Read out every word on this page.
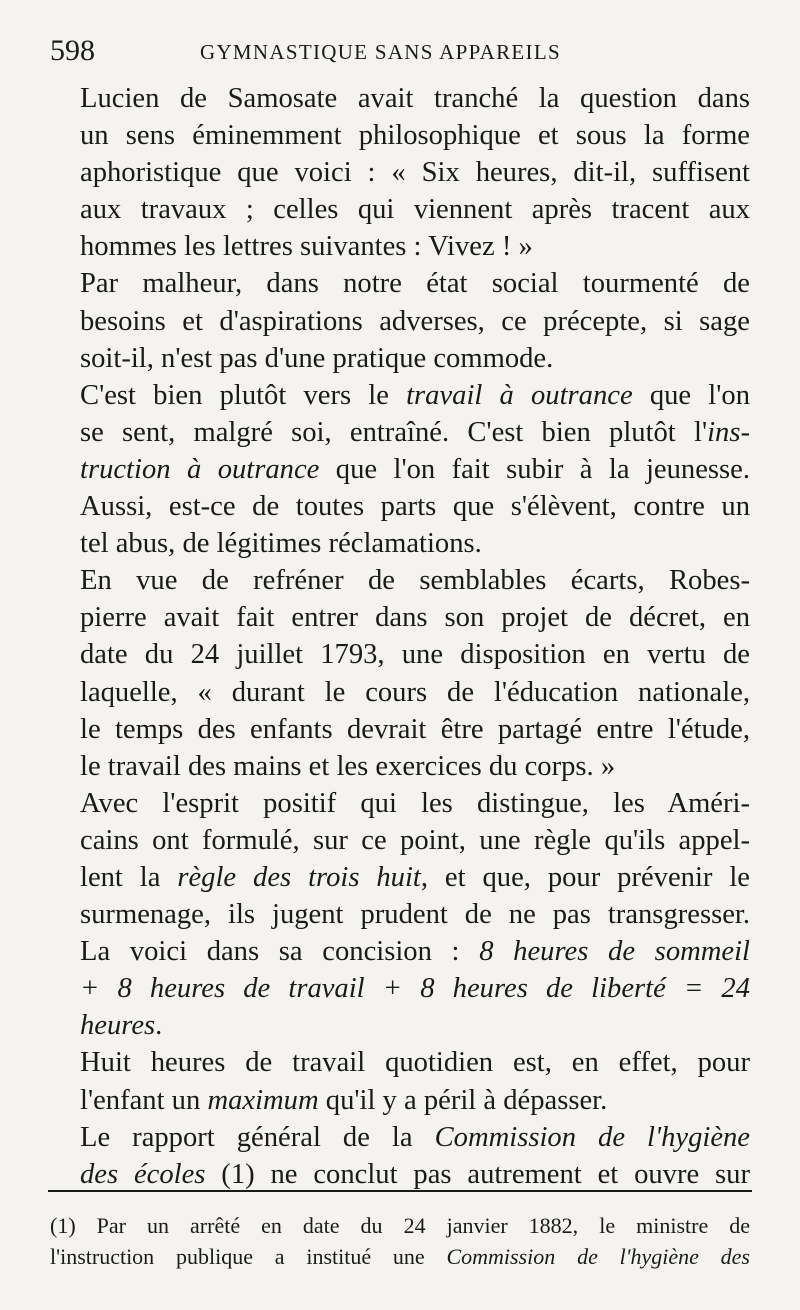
598	GYMNASTIQUE SANS APPAREILS

Lucien de Samosate avait tranché la question dans
un sens éminemment philosophique et sous la forme
aphoristique que voici : « Six heures, dit-il, suffisent
aux travaux ; celles qui viennent après tracent aux
hommes les lettres suivantes : Vivez ! »

Par malheur, dans notre état social tourmenté de
besoins et d'aspirations adverses, ce précepte, si sage
soit-il, n'est pas d'une pratique commode.

C'est bien plutôt vers le travail à outrance que l'on
se sent, malgré soi, entraîné. C'est bien plutôt l'ins-
truction à outrance que l'on fait subir à la jeunesse.
Aussi, est-ce de toutes parts que s'élèvent, contre un
tel abus, de légitimes réclamations.

En vue de refréner de semblables écarts, Robes-
pierre avait fait entrer dans son projet de décret, en
date du 24 juillet 1793, une disposition en vertu de
laquelle, « durant le cours de l'éducation nationale,
le temps des enfants devrait être partagé entre l'étude,
le travail des mains et les exercices du corps. »

Avec l'esprit positif qui les distingue, les Améri-
cains ont formulé, sur ce point, une règle qu'ils appel-
lent la règle des trois huit, et que, pour prévenir le
surmenage, ils jugent prudent de ne pas transgresser.
La voici dans sa concision : 8 heures de sommeil
+ 8 heures de travail + 8 heures de liberté = 24
heures.

Huit heures de travail quotidien est, en effet, pour
l'enfant un maximum qu'il y a péril à dépasser.

Le rapport général de la Commission de l'hygiène
des écoles (1) ne conclut pas autrement et ouvre sur

(1) Par un arrêté en date du 24 janvier 1882, le ministre de
l'instruction publique a institué une Commission de l'hygiène des
